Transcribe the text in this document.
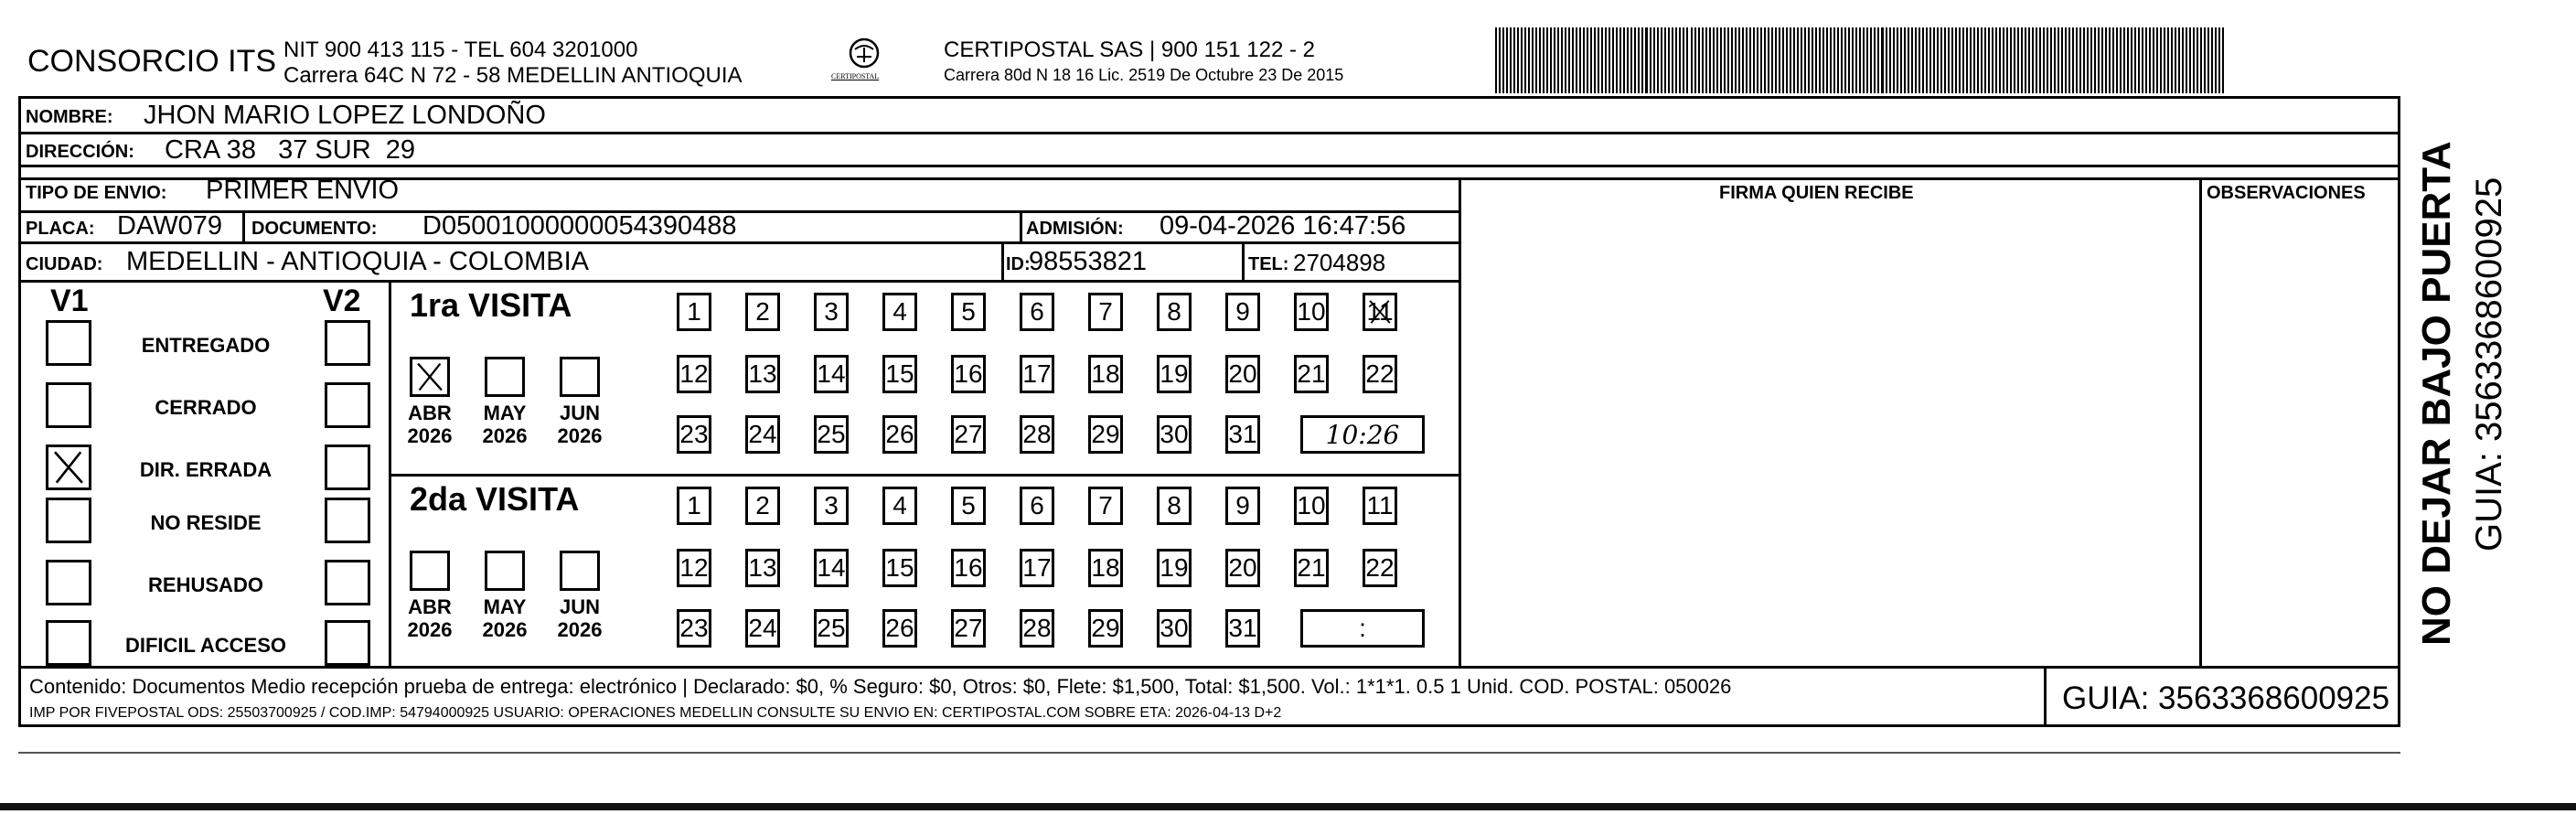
CONSORCIO ITS NIT 900 413 115 - TEL 604 3201000
Carrera 64C N 72 - 58 MEDELLIN ANTIOQUIA	CERTIPOSTAL
CERTIPOSTAL SAS | 900 151 122 - 2
Carrera 80d N 18 16 Lic. 2519 De Octubre 23 De 2015
NOMBRE: JHON MARIO LOPEZ LONDOÑO
DIRECCIÓN: CRA 38   37 SUR  29
TIPO DE ENVIO: PRIMER ENVIO	FIRMA QUIEN RECIBE	OBSERVACIONES
PLACA: DAW079 DOCUMENTO: D05001000000054390488	ADMISIÓN: 09-04-2026 16:47:56
CIUDAD: MEDELLIN - ANTIOQUIA - COLOMBIA	ID:
98553821	TEL: 2704898
V1	V2
ENTREGADO
CERRADO
DIR. ERRADA
NO RESIDE
REHUSADO
DIFICIL ACCESO
1ra VISITA
ABR
2026
MAY
2026
JUN
2026
1	2	3	4	5	6	7	8	9	10 11
12 13 14 15 16 17 18 19 20 21 22
23 24 25 26 27 28 29 30 31	10:26
2da VISITA
ABR
2026
MAY
2026
JUN
2026
1	2	3	4	5	6	7	8	9	10 11
12 13 14 15 16 17 18 19 20 21 22
23 24 25 26 27 28 29 30 31	:
Contenido: Documentos Medio recepción prueba de entrega: electrónico | Declarado: $0, % Seguro: $0, Otros: $0, Flete: $1,500, Total: $1,500. Vol.: 1*1*1. 0.5 1 Unid. COD. POSTAL: 050026
IMP POR FIVEPOSTAL ODS: 25503700925 / COD.IMP: 54794000925 USUARIO: OPERACIONES MEDELLIN CONSULTE SU ENVIO EN: CERTIPOSTAL.COM SOBRE ETA: 2026-04-13 D+2	GUIA: 3563368600925
NO DEJAR BAJO PUERTA GUIA: 3563368600925
